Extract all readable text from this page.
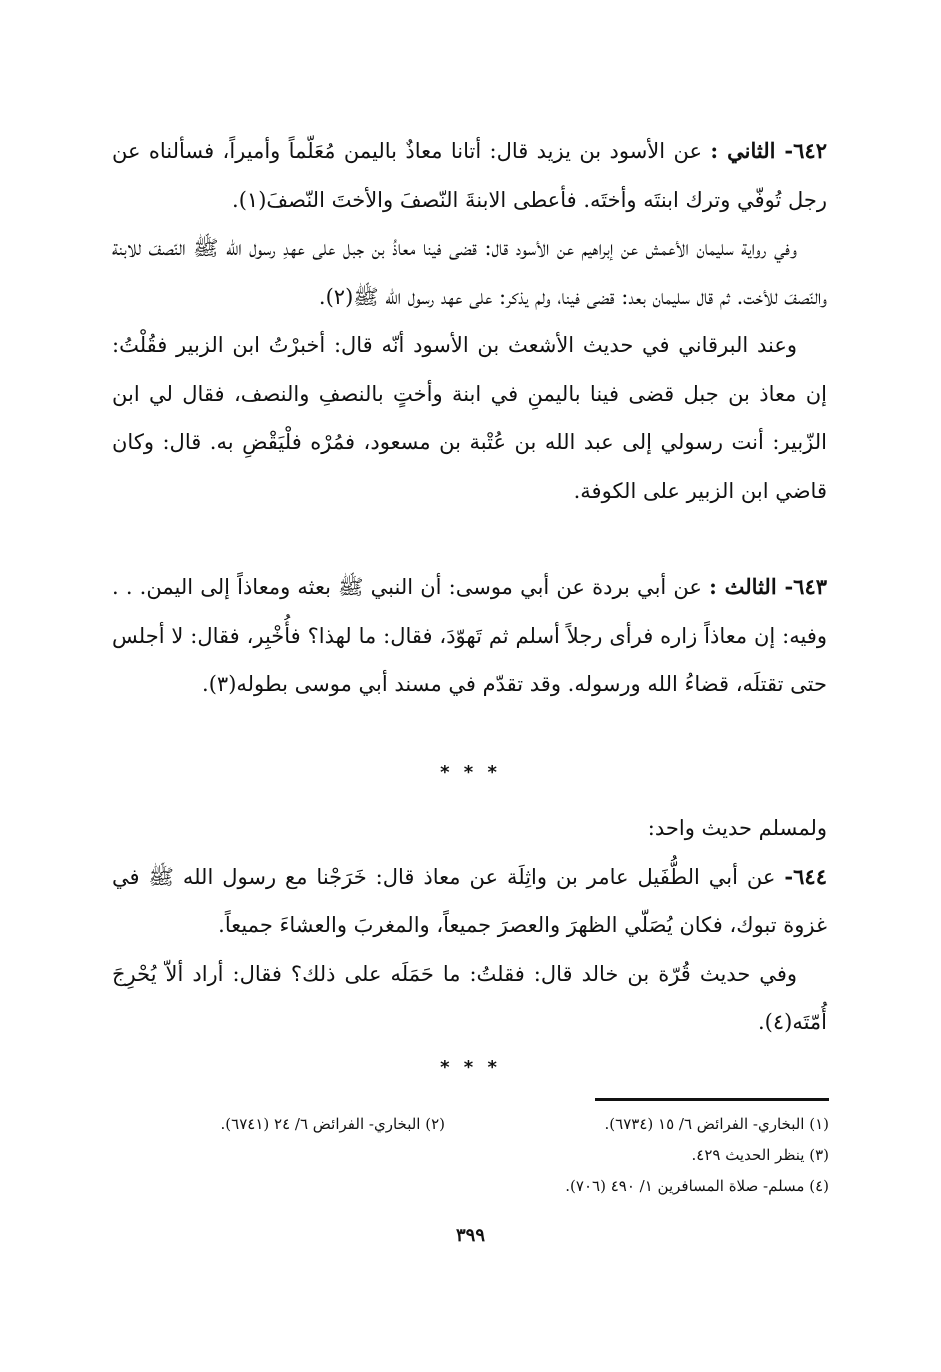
٦٤٢- الثاني : عن الأسود بن يزيد قال: أتانا معاذٌ باليمن مُعَلّماً وأميراً، فسألناه عن رجل تُوفّي وترك ابنتَه وأختَه. فأعطى الابنةَ النّصفَ والأختَ النّصفَ(١).

وفي رواية سليمان الأعمش عن إبراهيم عن الأسود قال: قضى فينا معاذُ بن جبل على عهدِ رسول الله ﷺ النّصفَ للابنة والنّصفَ للأخت. ثم قال سليمان بعد: قضى فينا، ولم يذكر: على عهد رسول الله ﷺ(٢).

وعند البرقاني في حديث الأشعث بن الأسود أنّه قال: أخبرْتُ ابن الزبير فقُلْتُ: إن معاذ بن جبل قضى فينا باليمنِ في ابنة وأختٍ بالنصفِ والنصف، فقال لي ابن الزّبير: أنت رسولي إلى عبد الله بن عُتْبة بن مسعود، فمُرْه فلْيَقْضِ به. قال: وكان قاضي ابن الزبير على الكوفة.

٦٤٣- الثالث : عن أبي بردة عن أبي موسى: أن النبي ﷺ بعثه ومعاذاً إلى اليمن. . . وفيه: إن معاذاً زاره فرأى رجلاً أسلم ثم تَهوّدَ، فقال: ما لهذا؟ فأُخْبِر، فقال: لا أجلس حتى تقتلَه، قضاءُ الله ورسوله. وقد تقدّم في مسند أبي موسى بطوله(٣).

* * *

ولمسلم حديث واحد:

٦٤٤- عن أبي الطُّفَيل عامر بن واثِلَة عن معاذ قال: خَرَجْنا مع رسول الله ﷺ في غزوة تبوك، فكان يُصَلّي الظهرَ والعصرَ جميعاً، والمغربَ والعشاءَ جميعاً.

وفي حديث قُرّة بن خالد قال: فقلتُ: ما حَمَلَه على ذلك؟ فقال: أراد ألاّ يُحْرِجَ أُمّتَه(٤).

* * *
(١) البخاري- الفرائض ٦/ ١٥ (٦٧٣٤).
(٢) البخاري- الفرائض ٦/ ٢٤ (٦٧٤١).
(٣) ينظر الحديث ٤٢٩.
(٤) مسلم- صلاة المسافرين ١/ ٤٩٠ (٧٠٦).
٣٩٩
